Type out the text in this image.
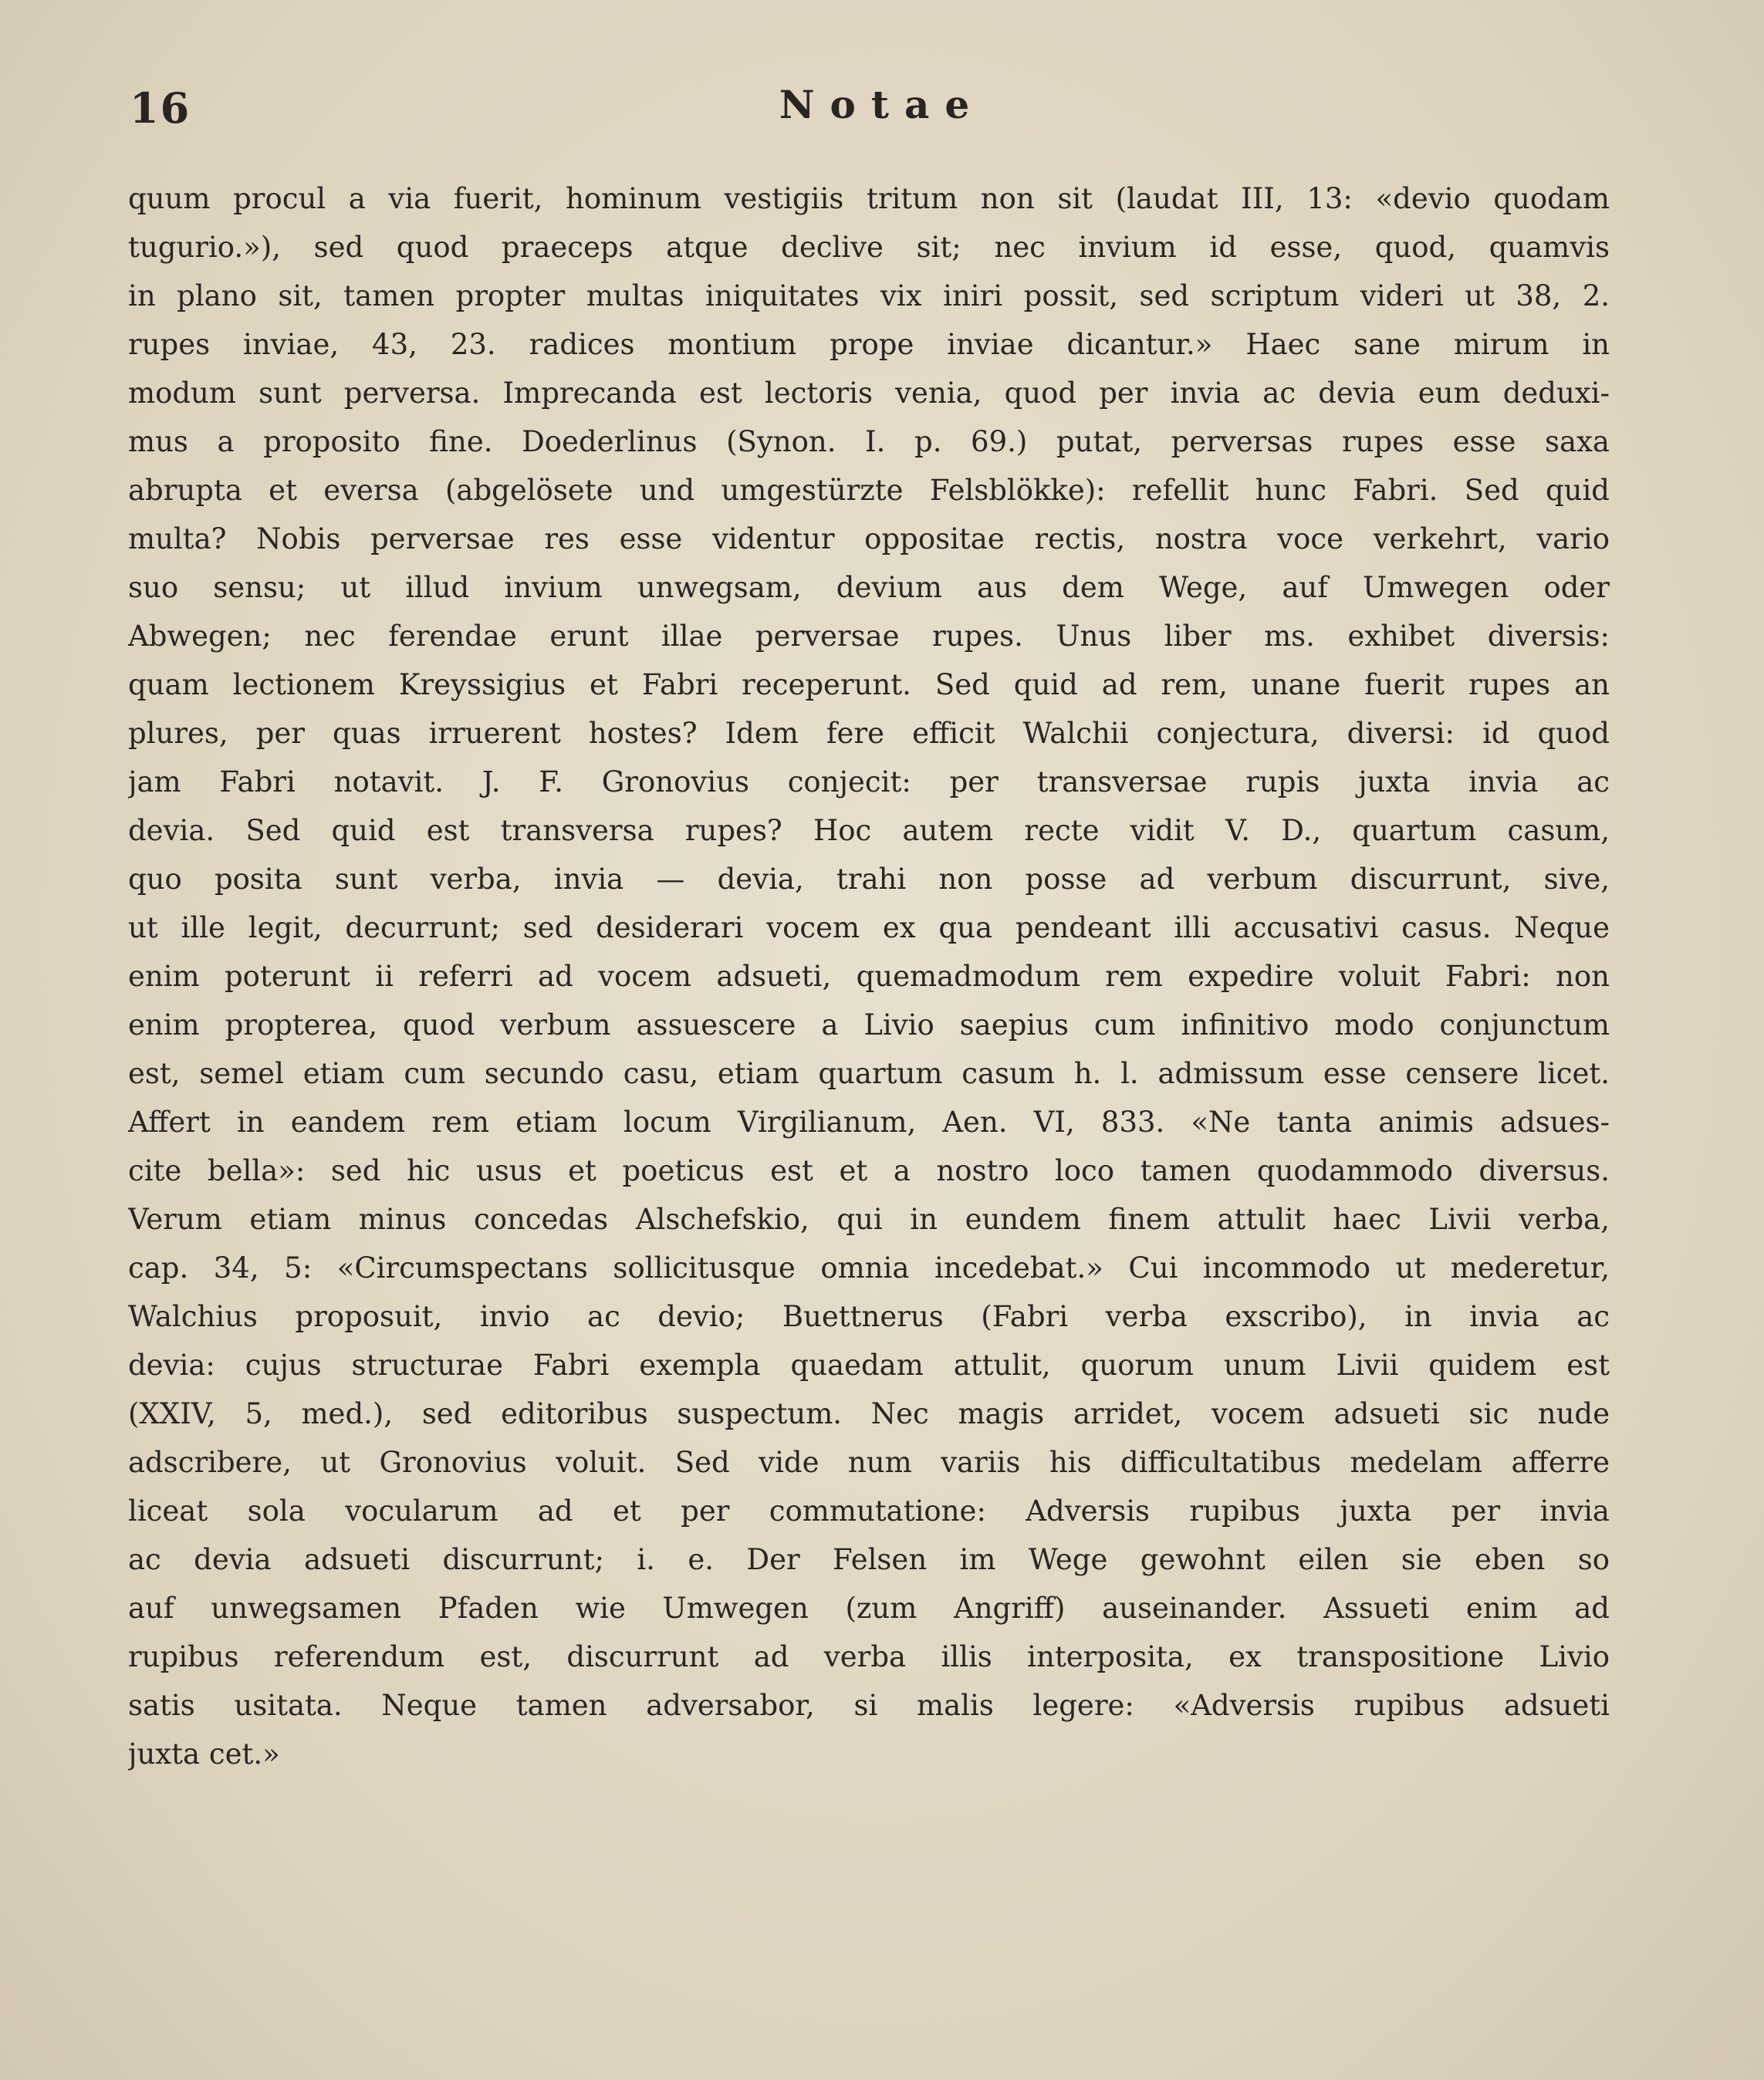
16	Notae
quum procul a via fuerit, hominum vestigiis tritum non sit (laudat III, 13: «devio quodam
tugurio.»), sed quod praeceps atque declive sit; nec invium id esse, quod, quamvis
in plano sit, tamen propter multas iniquitates vix iniri possit, sed scriptum videri ut 38, 2.
rupes inviae, 43, 23. radices montium prope inviae dicantur.» Haec sane mirum in
modum sunt perversa. Imprecanda est lectoris venia, quod per invia ac devia eum deduxi-
mus a proposito fine. Doederlinus (Synon. I. p. 69.) putat, perversas rupes esse saxa
abrupta et eversa (abgelösete und umgestürzte Felsblökke): refellit hunc Fabri. Sed quid
multa? Nobis perversae res esse videntur oppositae rectis, nostra voce verkehrt, vario
suo sensu; ut illud invium unwegsam, devium aus dem Wege, auf Umwegen oder
Abwegen; nec ferendae erunt illae perversae rupes. Unus liber ms. exhibet diversis:
quam lectionem Kreyssigius et Fabri receperunt. Sed quid ad rem, unane fuerit rupes an
plures, per quas irruerent hostes? Idem fere efficit Walchii conjectura, diversi: id quod
jam Fabri notavit. J. F. Gronovius conjecit: per transversae rupis juxta invia ac
devia. Sed quid est transversa rupes? Hoc autem recte vidit V. D., quartum casum,
quo posita sunt verba, invia — devia, trahi non posse ad verbum discurrunt, sive,
ut ille legit, decurrunt; sed desiderari vocem ex qua pendeant illi accusativi casus. Neque
enim poterunt ii referri ad vocem adsueti, quemadmodum rem expedire voluit Fabri: non
enim propterea, quod verbum assuescere a Livio saepius cum infinitivo modo conjunctum
est, semel etiam cum secundo casu, etiam quartum casum h. l. admissum esse censere licet.
Affert in eandem rem etiam locum Virgilianum, Aen. VI, 833. «Ne tanta animis adsues-
cite bella»: sed hic usus et poeticus est et a nostro loco tamen quodammodo diversus.
Verum etiam minus concedas Alschefskio, qui in eundem finem attulit haec Livii verba,
cap. 34, 5: «Circumspectans sollicitusque omnia incedebat.» Cui incommodo ut mederetur,
Walchius proposuit, invio ac devio; Buettnerus (Fabri verba exscribo), in invia ac
devia: cujus structurae Fabri exempla quaedam attulit, quorum unum Livii quidem est
(XXIV, 5, med.), sed editoribus suspectum. Nec magis arridet, vocem adsueti sic nude
adscribere, ut Gronovius voluit. Sed vide num variis his difficultatibus medelam afferre
liceat sola vocularum ad et per commutatione: Adversis rupibus juxta per invia
ac devia adsueti discurrunt; i. e. Der Felsen im Wege gewohnt eilen sie eben so
auf unwegsamen Pfaden wie Umwegen (zum Angriff) auseinander. Assueti enim ad
rupibus referendum est, discurrunt ad verba illis interposita, ex transpositione Livio
satis usitata. Neque tamen adversabor, si malis legere: «Adversis rupibus adsueti
juxta cet.»
